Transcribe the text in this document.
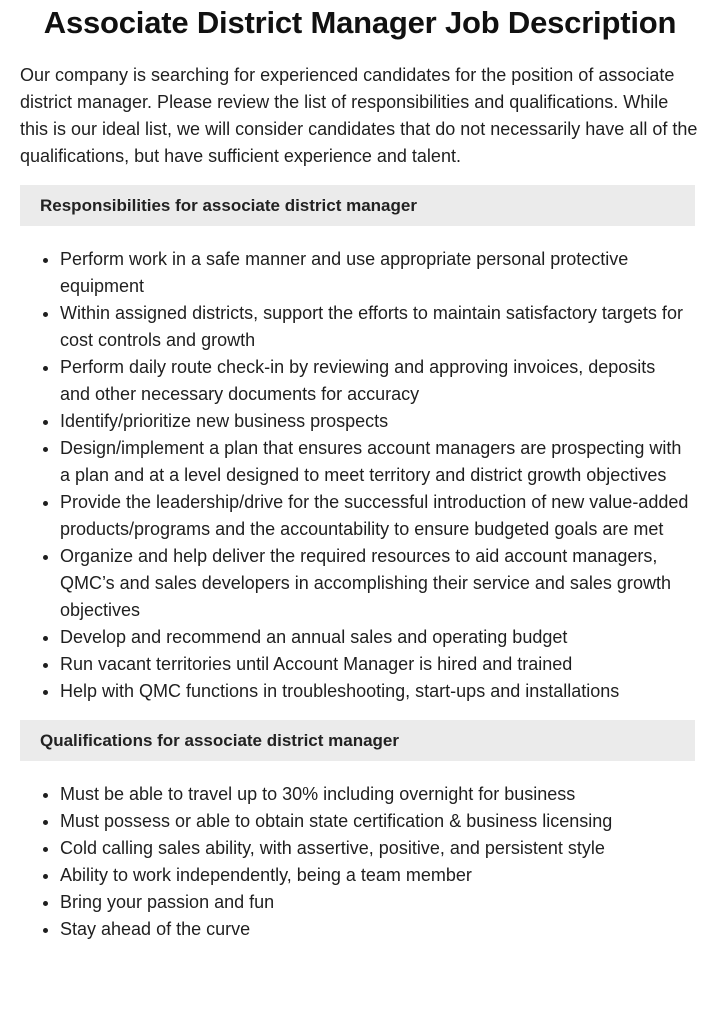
Associate District Manager Job Description

Our company is searching for experienced candidates for the position of associate district manager. Please review the list of responsibilities and qualifications. While this is our ideal list, we will consider candidates that do not necessarily have all of the qualifications, but have sufficient experience and talent.

Responsibilities for associate district manager
• Perform work in a safe manner and use appropriate personal protective equipment
• Within assigned districts, support the efforts to maintain satisfactory targets for cost controls and growth
• Perform daily route check-in by reviewing and approving invoices, deposits and other necessary documents for accuracy
• Identify/prioritize new business prospects
• Design/implement a plan that ensures account managers are prospecting with a plan and at a level designed to meet territory and district growth objectives
• Provide the leadership/drive for the successful introduction of new value-added products/programs and the accountability to ensure budgeted goals are met
• Organize and help deliver the required resources to aid account managers, QMC’s and sales developers in accomplishing their service and sales growth objectives
• Develop and recommend an annual sales and operating budget
• Run vacant territories until Account Manager is hired and trained
• Help with QMC functions in troubleshooting, start-ups and installations
Qualifications for associate district manager
• Must be able to travel up to 30% including overnight for business
• Must possess or able to obtain state certification & business licensing
• Cold calling sales ability, with assertive, positive, and persistent style
• Ability to work independently, being a team member
• Bring your passion and fun
• Stay ahead of the curve
